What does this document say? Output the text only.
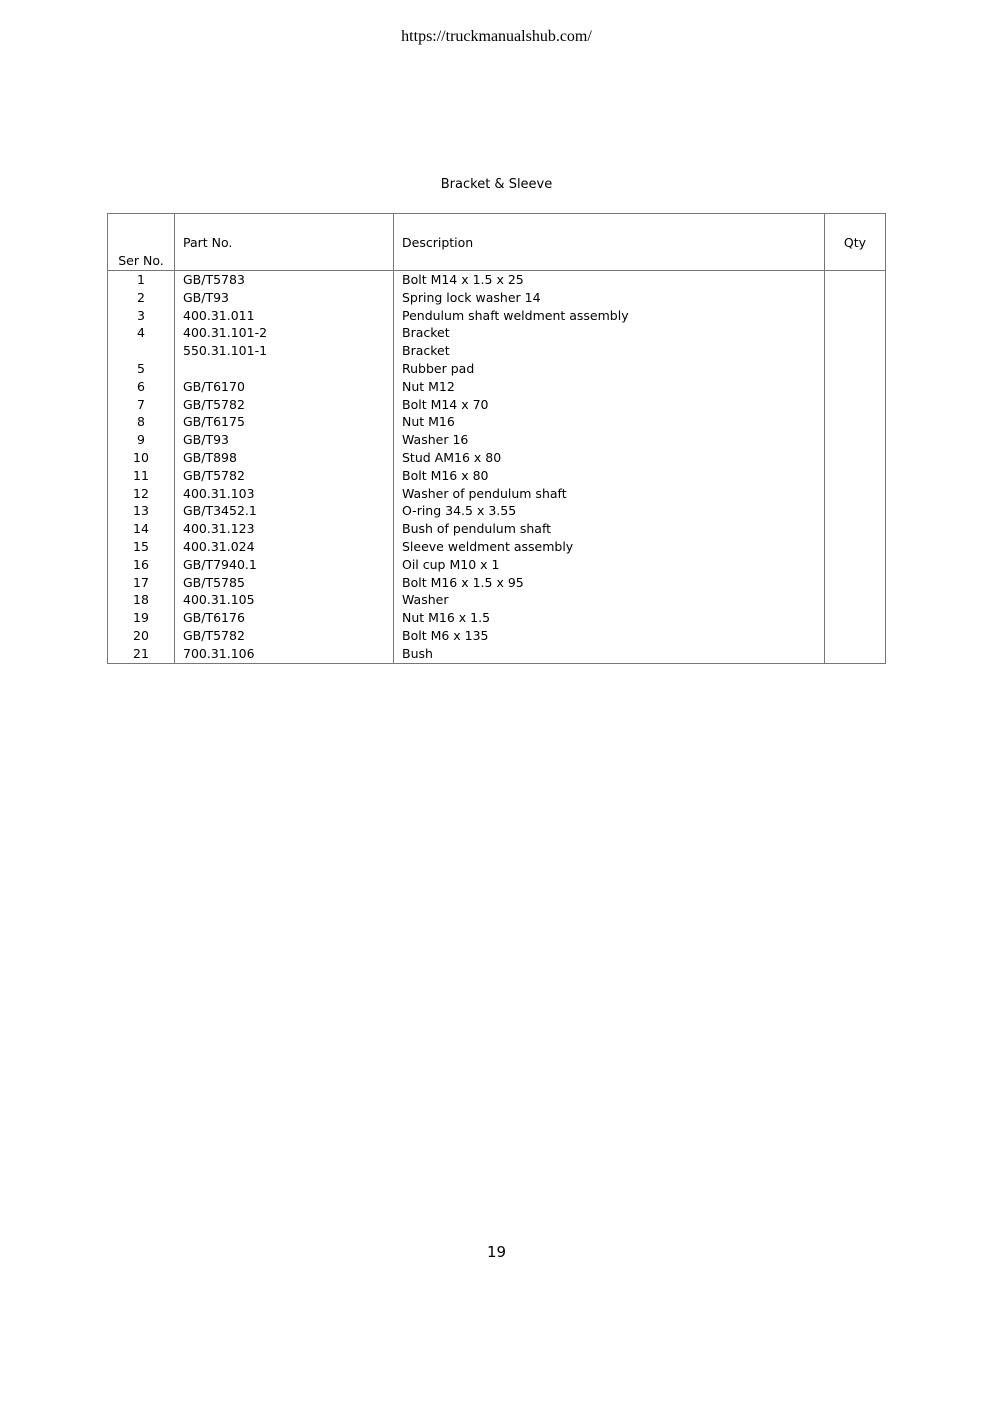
https://truckmanualshub.com/
Bracket & Sleeve
Ser No.	Part No.	Description	Qty
1	GB/T5783	Bolt M14 x 1.5 x 25	
2	GB/T93	Spring lock washer 14	
3	400.31.011	Pendulum shaft weldment assembly	
4	400.31.101-2	Bracket	
	550.31.101-1	Bracket	
5		Rubber pad	
6	GB/T6170	Nut M12	
7	GB/T5782	Bolt M14 x 70	
8	GB/T6175	Nut M16	
9	GB/T93	Washer 16	
10	GB/T898	Stud AM16 x 80	
11	GB/T5782	Bolt M16 x 80	
12	400.31.103	Washer of pendulum shaft	
13	GB/T3452.1	O-ring 34.5 x 3.55	
14	400.31.123	Bush of pendulum shaft	
15	400.31.024	Sleeve weldment assembly	
16	GB/T7940.1	Oil cup M10 x 1	
17	GB/T5785	Bolt M16 x 1.5 x 95	
18	400.31.105	Washer	
19	GB/T6176	Nut M16 x 1.5	
20	GB/T5782	Bolt M6 x 135	
21	700.31.106	Bush	
19
